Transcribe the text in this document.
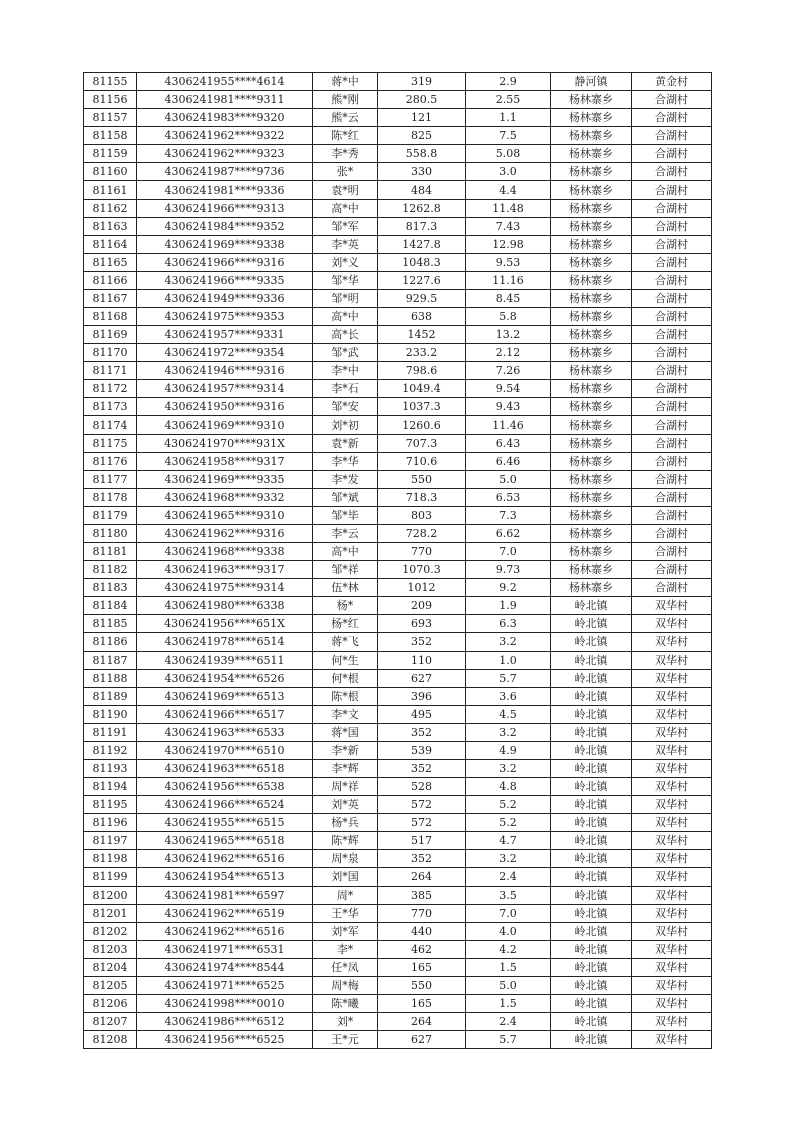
81155	4306241955****4614	蒋*中	319	2.9	静河镇	黄金村
81156	4306241981****9311	熊*刚	280.5	2.55	杨林寨乡	合湖村
81157	4306241983****9320	熊*云	121	1.1	杨林寨乡	合湖村
81158	4306241962****9322	陈*红	825	7.5	杨林寨乡	合湖村
81159	4306241962****9323	李*秀	558.8	5.08	杨林寨乡	合湖村
81160	4306241987****9736	张*	330	3.0	杨林寨乡	合湖村
81161	4306241981****9336	袁*明	484	4.4	杨林寨乡	合湖村
81162	4306241966****9313	高*中	1262.8	11.48	杨林寨乡	合湖村
81163	4306241984****9352	邹*军	817.3	7.43	杨林寨乡	合湖村
81164	4306241969****9338	李*英	1427.8	12.98	杨林寨乡	合湖村
81165	4306241966****9316	刘*义	1048.3	9.53	杨林寨乡	合湖村
81166	4306241966****9335	邹*华	1227.6	11.16	杨林寨乡	合湖村
81167	4306241949****9336	邹*明	929.5	8.45	杨林寨乡	合湖村
81168	4306241975****9353	高*中	638	5.8	杨林寨乡	合湖村
81169	4306241957****9331	高*长	1452	13.2	杨林寨乡	合湖村
81170	4306241972****9354	邹*武	233.2	2.12	杨林寨乡	合湖村
81171	4306241946****9316	李*中	798.6	7.26	杨林寨乡	合湖村
81172	4306241957****9314	李*石	1049.4	9.54	杨林寨乡	合湖村
81173	4306241950****9316	邹*安	1037.3	9.43	杨林寨乡	合湖村
81174	4306241969****9310	刘*初	1260.6	11.46	杨林寨乡	合湖村
81175	4306241970****931X	袁*新	707.3	6.43	杨林寨乡	合湖村
81176	4306241958****9317	李*华	710.6	6.46	杨林寨乡	合湖村
81177	4306241969****9335	李*发	550	5.0	杨林寨乡	合湖村
81178	4306241968****9332	邹*斌	718.3	6.53	杨林寨乡	合湖村
81179	4306241965****9310	邹*毕	803	7.3	杨林寨乡	合湖村
81180	4306241962****9316	李*云	728.2	6.62	杨林寨乡	合湖村
81181	4306241968****9338	高*中	770	7.0	杨林寨乡	合湖村
81182	4306241963****9317	邹*祥	1070.3	9.73	杨林寨乡	合湖村
81183	4306241975****9314	伍*林	1012	9.2	杨林寨乡	合湖村
81184	4306241980****6338	杨*	209	1.9	岭北镇	双华村
81185	4306241956****651X	杨*红	693	6.3	岭北镇	双华村
81186	4306241978****6514	蒋*飞	352	3.2	岭北镇	双华村
81187	4306241939****6511	何*生	110	1.0	岭北镇	双华村
81188	4306241954****6526	何*根	627	5.7	岭北镇	双华村
81189	4306241969****6513	陈*根	396	3.6	岭北镇	双华村
81190	4306241966****6517	李*文	495	4.5	岭北镇	双华村
81191	4306241963****6533	蒋*国	352	3.2	岭北镇	双华村
81192	4306241970****6510	李*新	539	4.9	岭北镇	双华村
81193	4306241963****6518	李*辉	352	3.2	岭北镇	双华村
81194	4306241956****6538	周*祥	528	4.8	岭北镇	双华村
81195	4306241966****6524	刘*英	572	5.2	岭北镇	双华村
81196	4306241955****6515	杨*兵	572	5.2	岭北镇	双华村
81197	4306241965****6518	陈*辉	517	4.7	岭北镇	双华村
81198	4306241962****6516	周*泉	352	3.2	岭北镇	双华村
81199	4306241954****6513	刘*国	264	2.4	岭北镇	双华村
81200	4306241981****6597	周*	385	3.5	岭北镇	双华村
81201	4306241962****6519	王*华	770	7.0	岭北镇	双华村
81202	4306241962****6516	刘*军	440	4.0	岭北镇	双华村
81203	4306241971****6531	李*	462	4.2	岭北镇	双华村
81204	4306241974****8544	任*凤	165	1.5	岭北镇	双华村
81205	4306241971****6525	周*梅	550	5.0	岭北镇	双华村
81206	4306241998****0010	陈*曦	165	1.5	岭北镇	双华村
81207	4306241986****6512	刘*	264	2.4	岭北镇	双华村
81208	4306241956****6525	王*元	627	5.7	岭北镇	双华村
